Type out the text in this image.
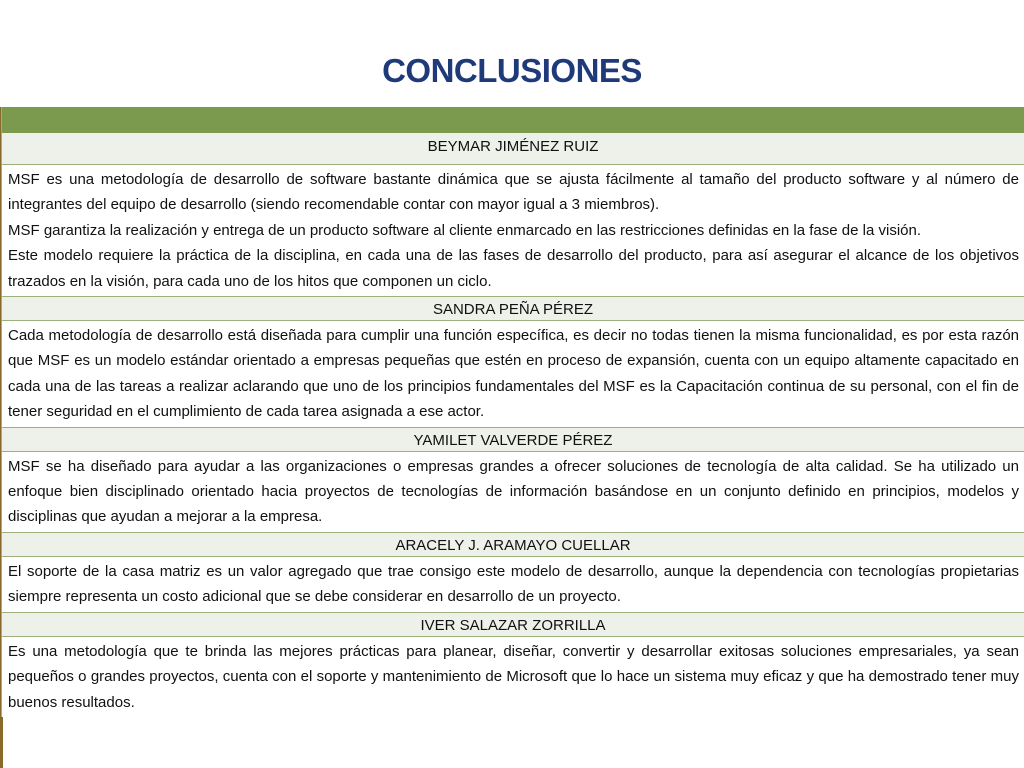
CONCLUSIONES
BEYMAR JIMÉNEZ RUIZ

MSF es una metodología de desarrollo de software bastante dinámica que se ajusta fácilmente al tamaño del producto software y al número de integrantes del equipo de desarrollo (siendo recomendable contar con mayor igual a 3 miembros).

MSF garantiza la realización y entrega de un producto software al cliente enmarcado en las restricciones definidas en la fase de la visión.

Este modelo requiere la práctica de la disciplina, en cada una de las fases de desarrollo del producto, para así asegurar el alcance de los objetivos trazados en la visión, para cada uno de los hitos que componen un ciclo.

SANDRA PEÑA PÉREZ

Cada metodología de desarrollo está diseñada para cumplir una función específica, es decir no todas tienen la misma funcionalidad, es por esta razón que MSF es un modelo estándar orientado a empresas pequeñas que estén en proceso de expansión, cuenta con un equipo altamente capacitado en cada una de las tareas a realizar aclarando que uno de los principios fundamentales del MSF es la Capacitación continua de su personal, con el fin de tener seguridad en el cumplimiento de cada tarea asignada a ese actor.

YAMILET VALVERDE PÉREZ

MSF se ha diseñado para ayudar a las organizaciones o empresas grandes a ofrecer soluciones de tecnología de alta calidad. Se ha utilizado un enfoque bien disciplinado orientado hacia proyectos de tecnologías de información basándose en un conjunto definido en principios, modelos y disciplinas que ayudan a mejorar a la empresa.

ARACELY J. ARAMAYO CUELLAR

El soporte de la casa matriz es un valor agregado que trae consigo este modelo de desarrollo, aunque la dependencia con tecnologías propietarias siempre representa un costo adicional que se debe considerar en desarrollo de un proyecto.

IVER SALAZAR ZORRILLA

Es una metodología que te brinda las mejores prácticas para planear, diseñar, convertir y desarrollar exitosas soluciones empresariales, ya sean pequeños o grandes proyectos, cuenta con el soporte y mantenimiento de Microsoft que lo hace un sistema muy eficaz y que ha demostrado tener muy buenos resultados.
